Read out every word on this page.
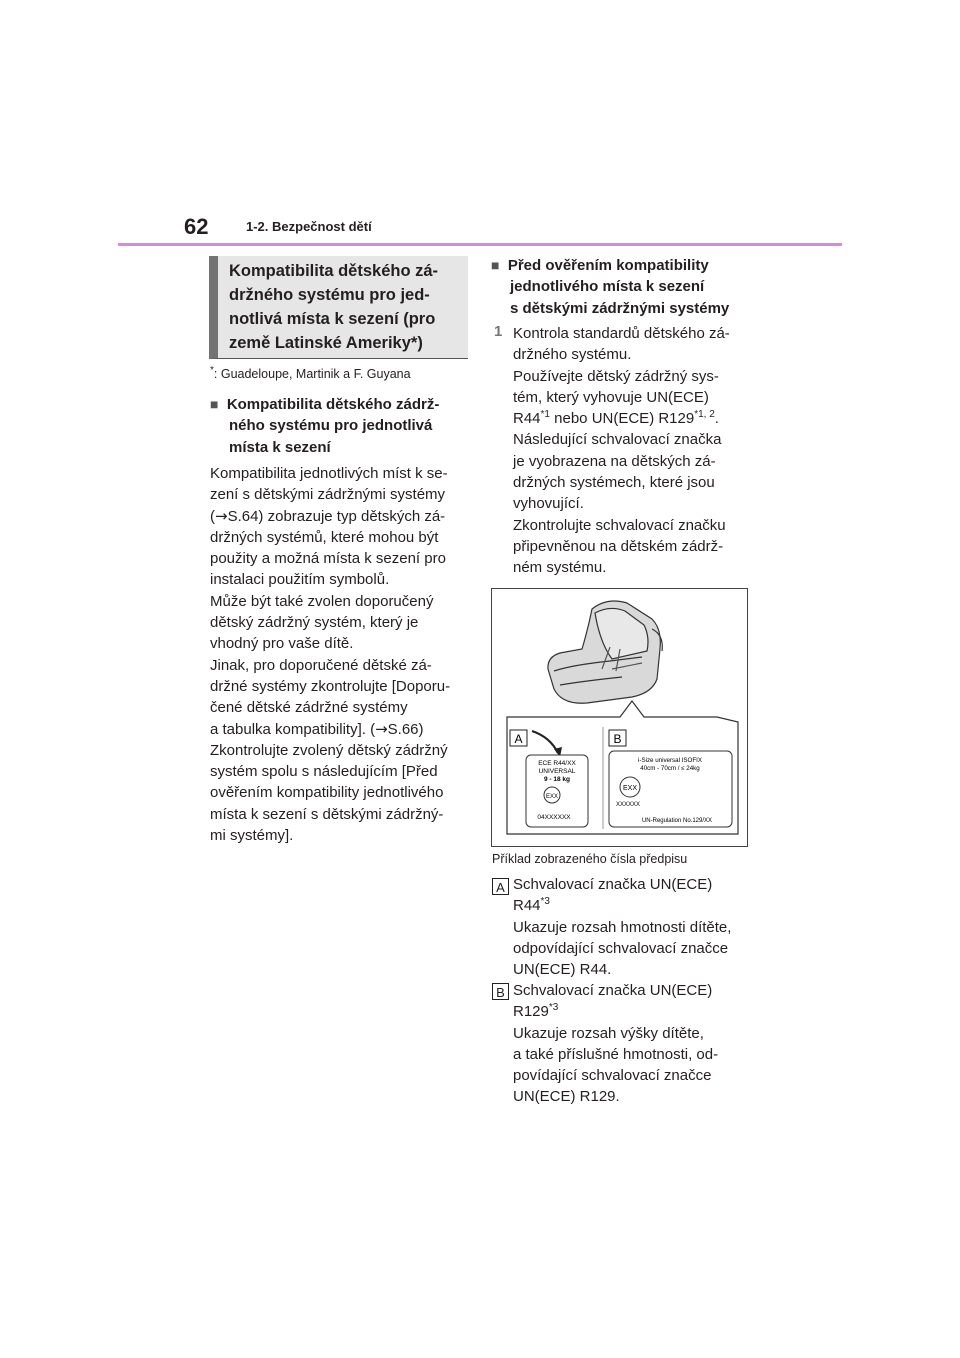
62	1-2. Bezpečnost dětí
Kompatibilita dětského zá-
držného systému pro jed-
notlivá místa k sezení (pro
země Latinské Ameriky*)
*: Guadeloupe, Martinik a F. Guyana
■ Kompatibilita dětského zádrž-
ného systému pro jednotlivá
místa k sezení
Kompatibilita jednotlivých míst k se-
zení s dětskými zádržnými systémy
(→S.64) zobrazuje typ dětských zá-
držných systémů, které mohou být
použity a možná místa k sezení pro
instalaci použitím symbolů.
Může být také zvolen doporučený
dětský zádržný systém, který je
vhodný pro vaše dítě.
Jinak, pro doporučené dětské zá-
držné systémy zkontrolujte [Doporu-
čené dětské zádržné systémy
a tabulka kompatibility]. (→S.66)
Zkontrolujte zvolený dětský zádržný
systém spolu s následujícím [Před
ověřením kompatibility jednotlivého
místa k sezení s dětskými zádržný-
mi systémy].
■ Před ověřením kompatibility
jednotlivého místa k sezení
s dětskými zádržnými systémy
1 Kontrola standardů dětského zá-
držného systému.
Používejte dětský zádržný sys-
tém, který vyhovuje UN(ECE)
R44$^{*1}$ nebo UN(ECE) R129$^{*1, 2}$.
Následující schvalovací značka
je vyobrazena na dětských zá-
držných systémech, které jsou
vyhovující.
Zkontrolujte schvalovací značku
připevněnou na dětském zádrž-
ném systému.
A	B
ECE R44/XX
UNIVERSAL
9 - 18 kg
EXX
04XXXXXX
i-Size universal ISOFIX
40cm - 70cm / ≤ 24kg
EXX
XXXXXX
UN-Regulation No.129/XX
Příklad zobrazeného čísla předpisu
A Schvalovací značka UN(ECE)
R44$^{*3}$
Ukazuje rozsah hmotnosti dítěte,
odpovídající schvalovací značce
UN(ECE) R44.
B Schvalovací značka UN(ECE)
R129$^{*3}$
Ukazuje rozsah výšky dítěte,
a také příslušné hmotnosti, od-
povídající schvalovací značce
UN(ECE) R129.
